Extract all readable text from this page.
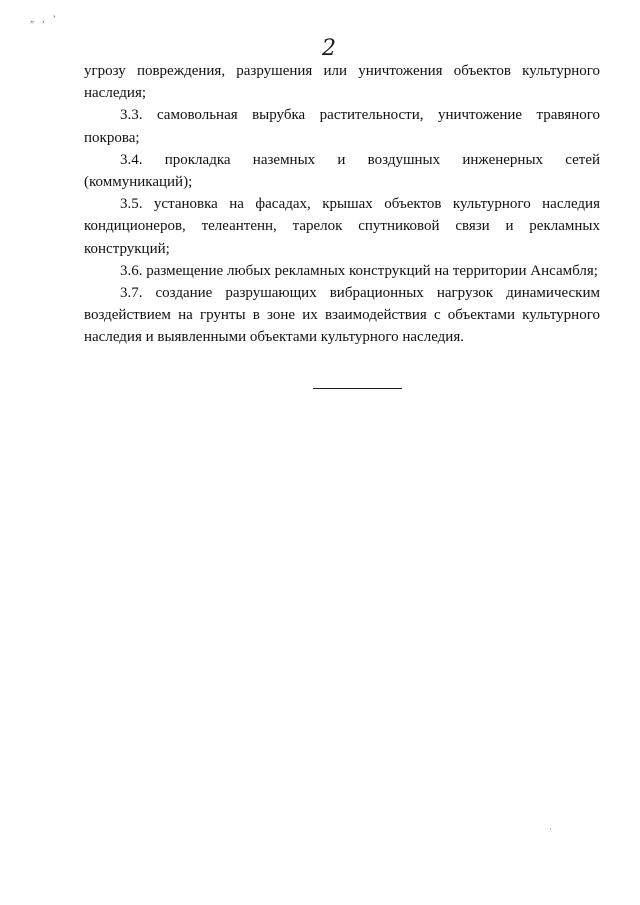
„ , ’
2

угрозу повреждения, разрушения или уничтожения объектов культурного наследия;

3.3. самовольная вырубка растительности, уничтожение травяного покрова;

3.4. прокладка наземных и воздушных инженерных сетей (коммуникаций);

3.5. установка на фасадах, крышах объектов культурного наследия кондиционеров, телеантенн, тарелок спутниковой связи и рекламных конструкций;

3.6. размещение любых рекламных конструкций на территории Ансамбля;

3.7. создание разрушающих вибрационных нагрузок динамическим воздействием на грунты в зоне их взаимодействия с объектами культурного наследия и выявленными объектами культурного наследия.
